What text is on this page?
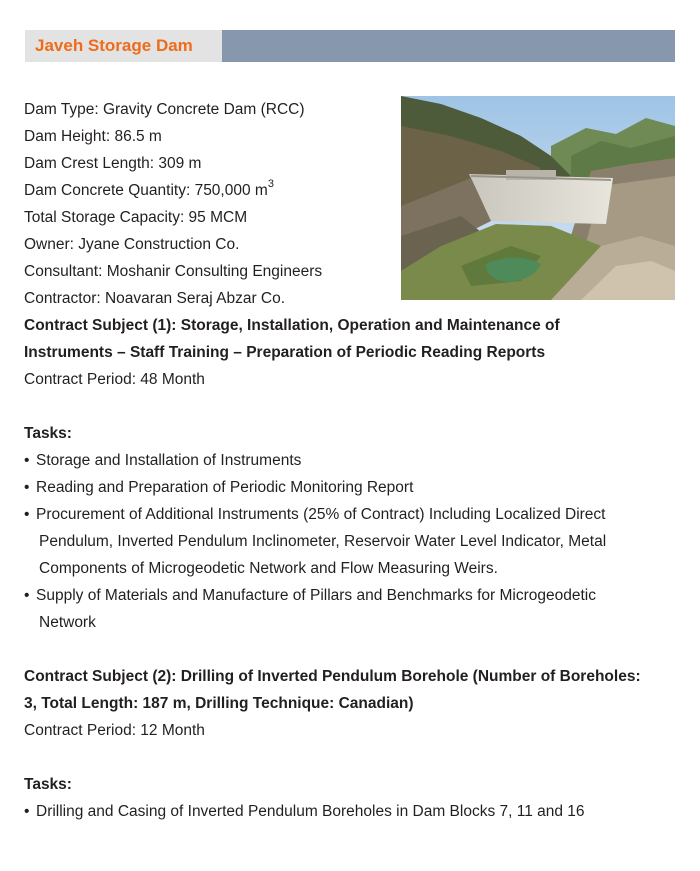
Javeh Storage Dam
Dam Type: Gravity Concrete Dam (RCC)
Dam Height: 86.5 m
Dam Crest Length: 309 m
Dam Concrete Quantity: 750,000 $m^3$
Total Storage Capacity: 95 MCM
Owner: Jyane Construction Co.
Consultant: Moshanir Consulting Engineers
Contractor: Noavaran Seraj Abzar Co.
Contract Subject (1): Storage, Installation, Operation and Maintenance of
Instruments – Staff Training – Preparation of Periodic Reading Reports
Contract Period: 48 Month
Tasks:
• Storage and Installation of Instruments
• Reading and Preparation of Periodic Monitoring Report
• Procurement of Additional Instruments (25% of Contract) Including Localized Direct
Pendulum, Inverted Pendulum Inclinometer, Reservoir Water Level Indicator, Metal
Components of Microgeodetic Network and Flow Measuring Weirs.
• Supply of Materials and Manufacture of Pillars and Benchmarks for Microgeodetic
Network
Contract Subject (2): Drilling of Inverted Pendulum Borehole (Number of Boreholes:
3, Total Length: 187 m, Drilling Technique: Canadian)
Contract Period: 12 Month
Tasks:
• Drilling and Casing of Inverted Pendulum Boreholes in Dam Blocks 7, 11 and 16
